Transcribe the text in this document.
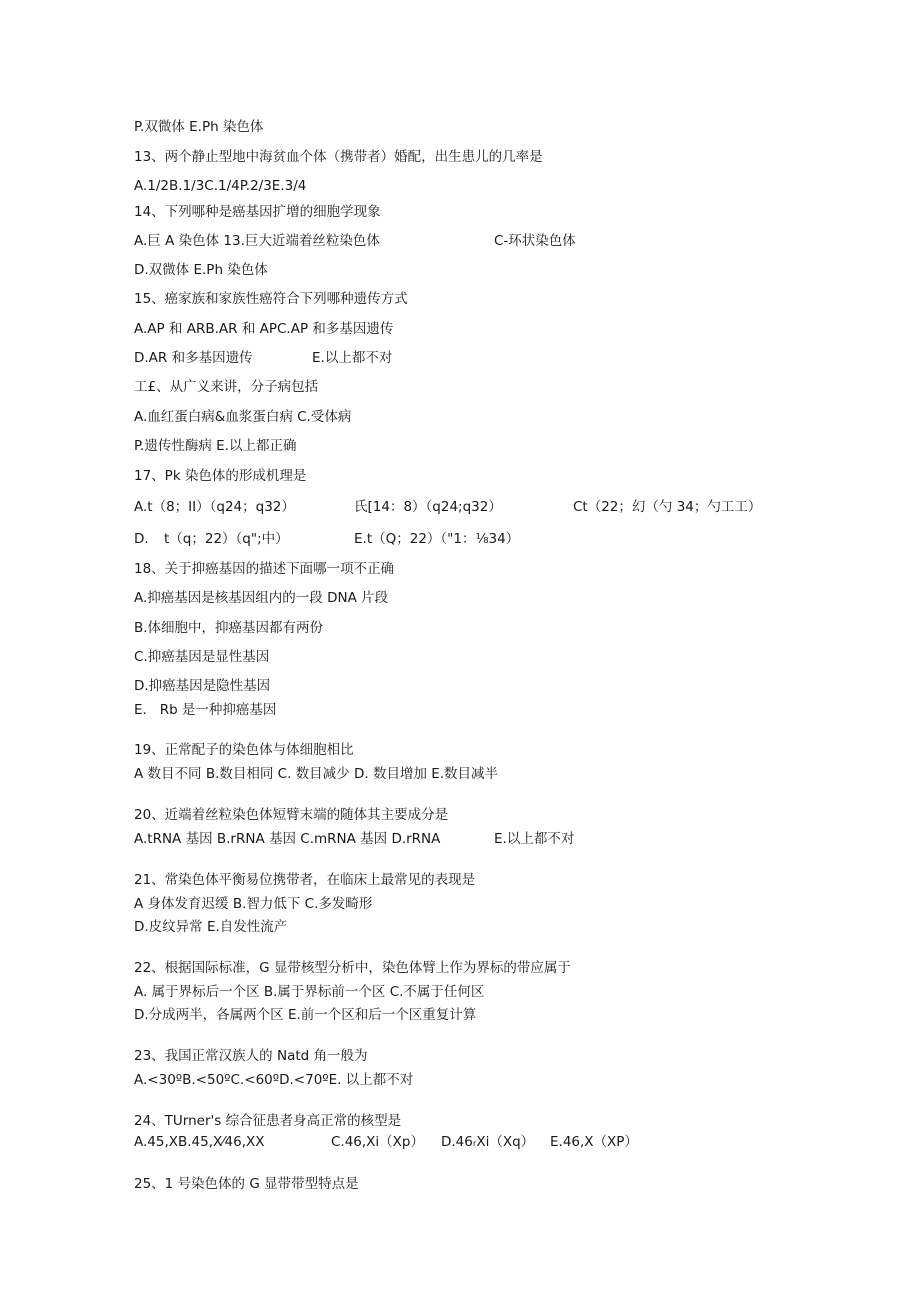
P.双微体 E.Ph 染色体
13、两个静止型地中海贫血个体（携带者）婚配，出生患儿的几率是
A.1/2B.1/3C.1/4P.2/3E.3/4
14、下列哪种是癌基因扩增的细胞学现象
A.巨 A 染色体 13.巨大近端着丝粒染色体	C-环状染色体
D.双微体 E.Ph 染色体
15、癌家族和家族性癌符合下列哪种遗传方式
A.AP 和 ARB.AR 和 APC.AP 和多基因遗传
D.AR 和多基因遗传	E.以上都不对
工£、从广义来讲，分子病包括
A.血红蛋白病&血浆蛋白病 C.受体病
P.遗传性酶病 E.以上都正确
17、Pk 染色体的形成机理是
A.t（8；II）（q24；q32）	氏[14：8）（q24;q32）	Ct（22；幻（勺 34；勺工工）
D. t（q；22）（q";中）	E.t（Q；22）（"1：⅛34）
18、关于抑癌基因的描述下面哪一项不正确
A.抑癌基因是核基因组内的一段 DNA 片段
B.体细胞中，抑癌基因都有两份
C.抑癌基因是显性基因
D.抑癌基因是隐性基因
E.   Rb 是一种抑癌基因
19、正常配子的染色体与体细胞相比
A 数目不同 B.数目相同 C. 数目减少 D. 数目增加 E.数目减半
20、近端着丝粒染色体短臂末端的随体其主要成分是
A.tRNA 基因 B.rRNA 基因 C.mRNA 基因 D.rRNA	E.以上都不对
21、常染色体平衡易位携带者，在临床上最常见的表现是
A 身体发育迟缓 B.智力低下 C.多发畸形
D.皮纹异常 E.自发性流产
22、根据国际标准，G 显带核型分析中，染色体臂上作为界标的带应属于
A. 属于界标后一个区 B.属于界标前一个区 C.不属于任何区
D.分成两半，各属两个区 E.前一个区和后一个区重复计算
23、我国正常汉族人的 Natd 角一般为
A.<30ºB.<50ºC.<60ºD.<70ºE. 以上都不对
24、TUrner's 综合征患者身高正常的核型是
A.45,XB.45,X⁄46,XX	C.46,Xi（Xp） D.46ᵣXi（Xq） E.46,X（XP）
25、1 号染色体的 G 显带带型特点是
